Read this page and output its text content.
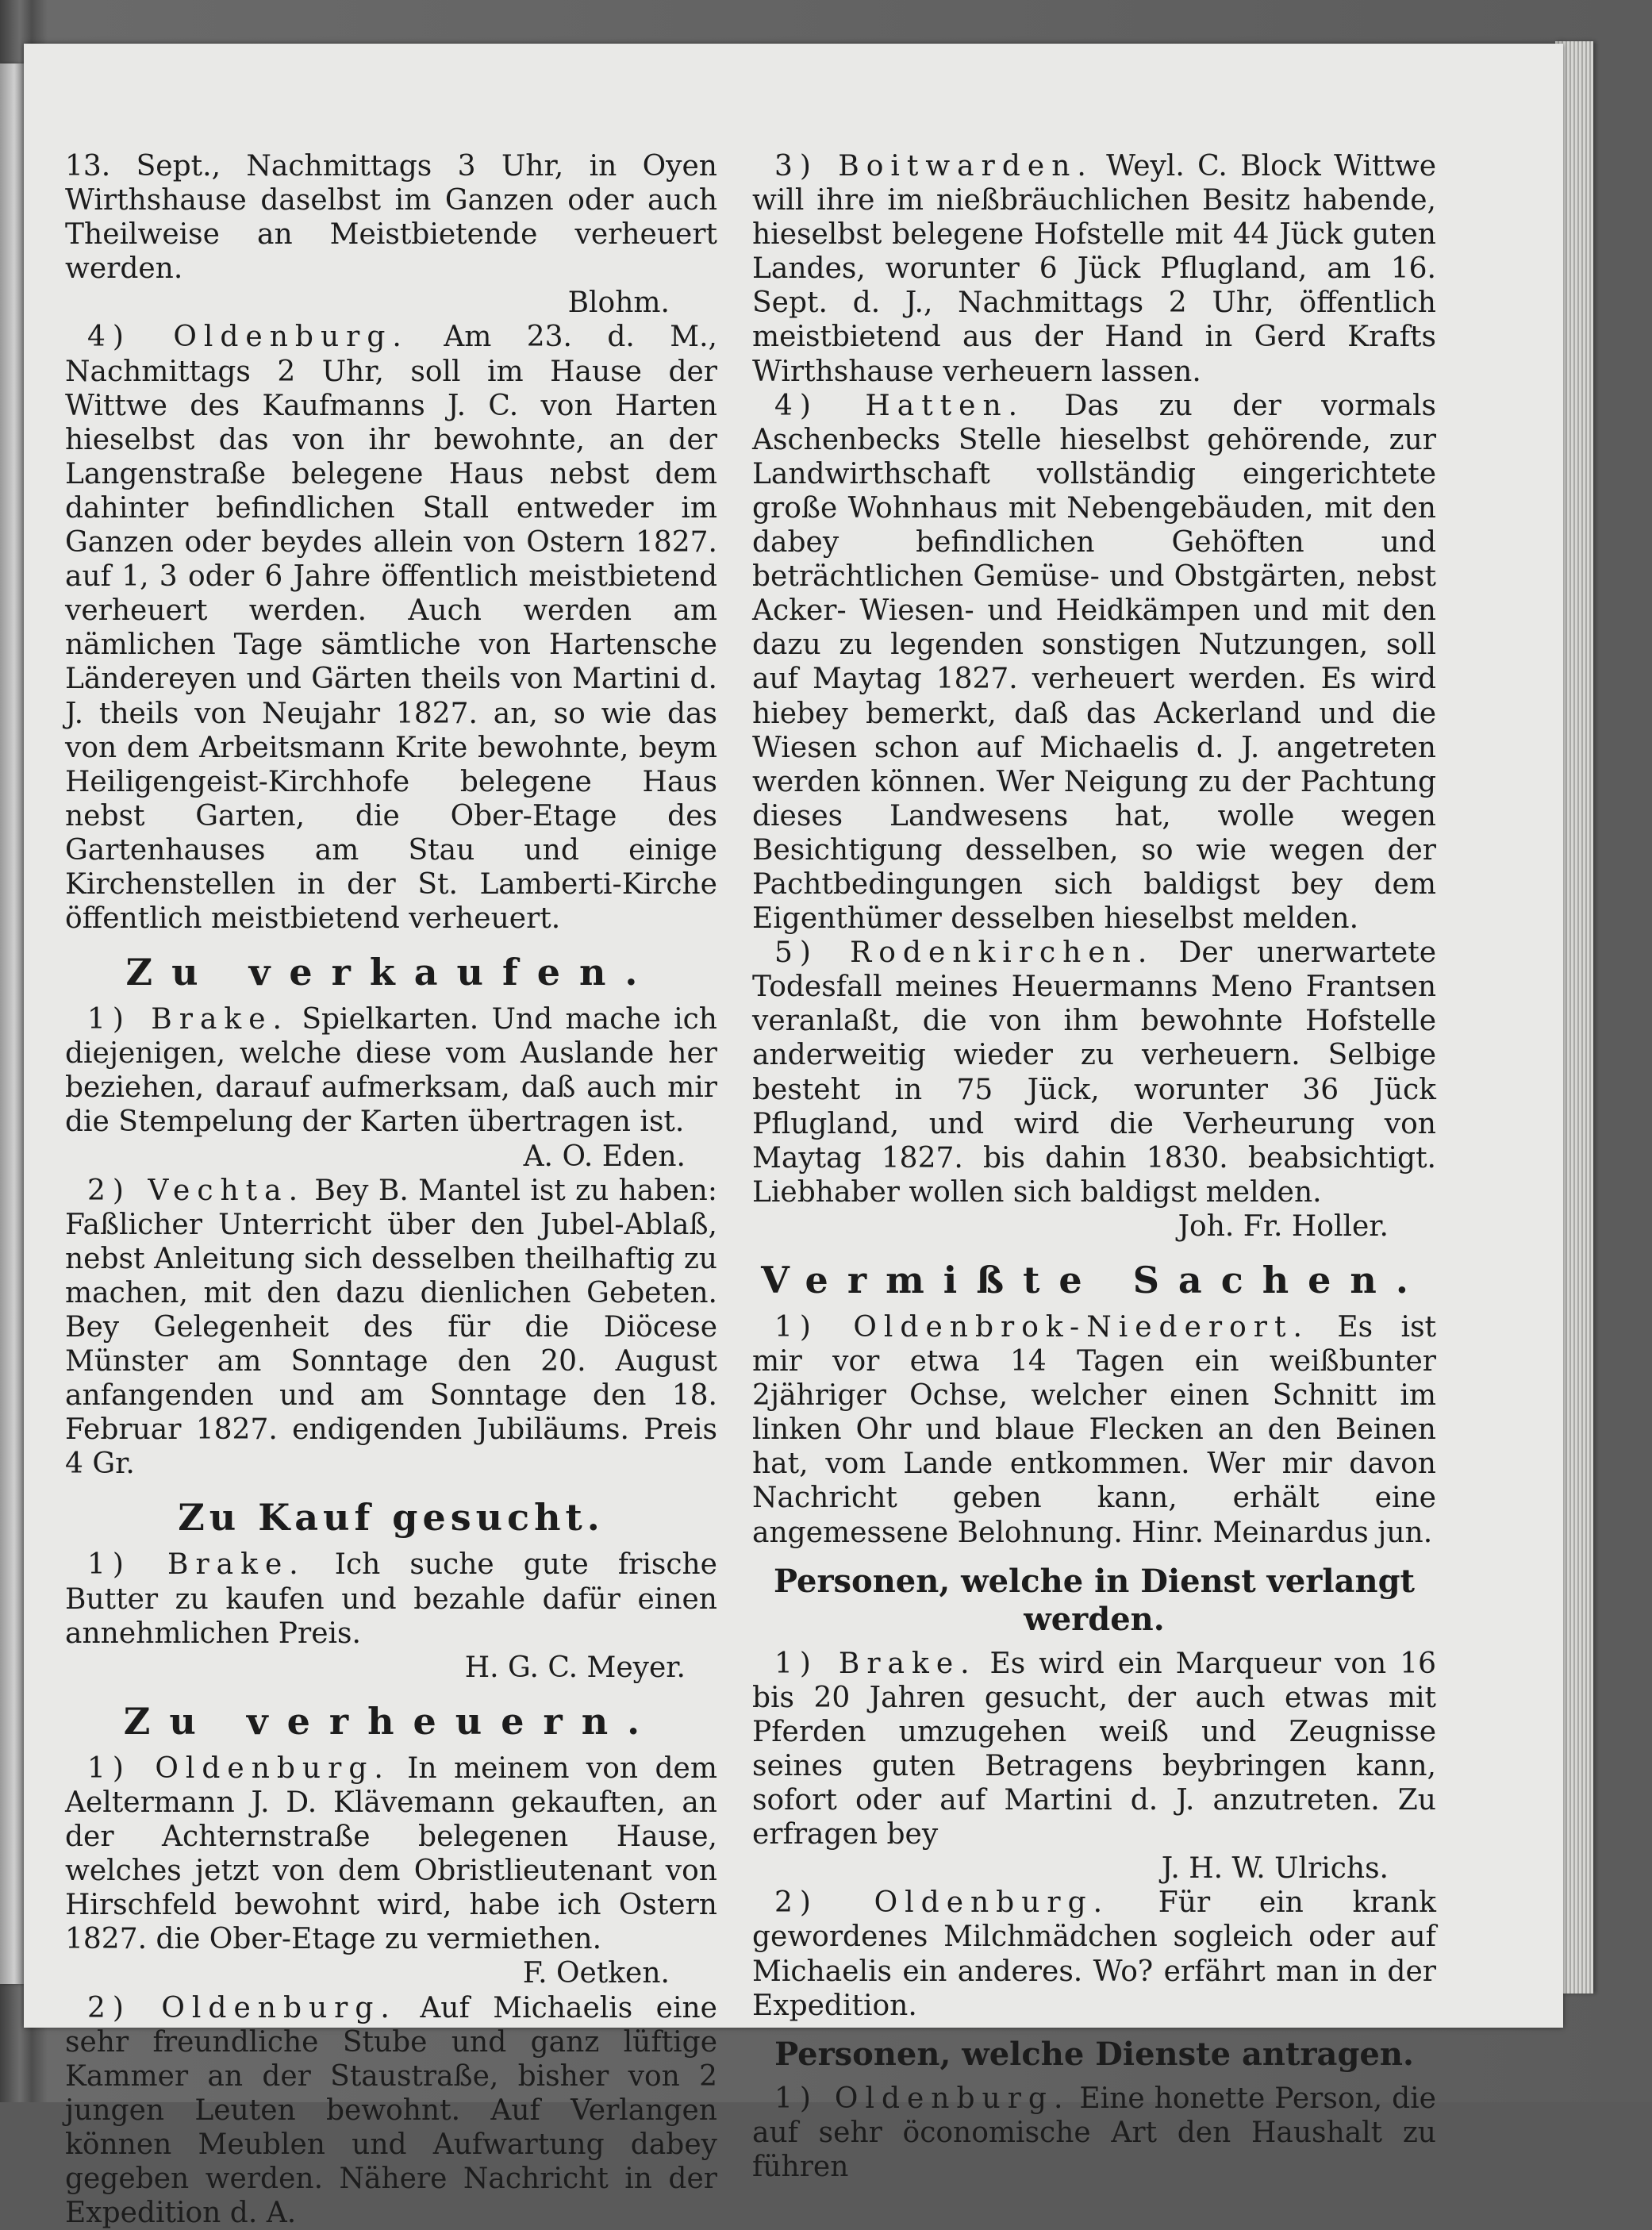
13. Sept., Nachmittags 3 Uhr, in Oyen Wirthshause daselbst im Ganzen oder auch Theilweise an Meistbietende verheuert werden.

Blohm.

4) Oldenburg. Am 23. d. M., Nachmittags 2 Uhr, soll im Hause der Wittwe des Kaufmanns J. C. von Harten hieselbst das von ihr bewohnte, an der Langenstraße belegene Haus nebst dem dahinter befindlichen Stall entweder im Ganzen oder beydes allein von Ostern 1827. auf 1, 3 oder 6 Jahre öffentlich meistbietend verheuert werden. Auch werden am nämlichen Tage sämtliche von Hartensche Ländereyen und Gärten theils von Martini d. J. theils von Neujahr 1827. an, so wie das von dem Arbeitsmann Krite bewohnte, beym Heiligengeist-Kirchhofe belegene Haus nebst Garten, die Ober-Etage des Gartenhauses am Stau und einige Kirchenstellen in der St. Lamberti-Kirche öffentlich meistbietend verheuert.

Zu verkaufen.

1) Brake. Spielkarten. Und mache ich diejenigen, welche diese vom Auslande her beziehen, darauf aufmerksam, daß auch mir die Stempelung der Karten übertragen ist.

A. O. Eden.

2) Vechta. Bey B. Mantel ist zu haben: Faßlicher Unterricht über den Jubel-Ablaß, nebst Anleitung sich desselben theilhaftig zu machen, mit den dazu dienlichen Gebeten. Bey Gelegenheit des für die Diöcese Münster am Sonntage den 20. August anfangenden und am Sonntage den 18. Februar 1827. endigenden Jubiläums. Preis 4 Gr.

Zu Kauf gesucht.

1) Brake. Ich suche gute frische Butter zu kaufen und bezahle dafür einen annehmlichen Preis.

H. G. C. Meyer.

Zu verheuern.

1) Oldenburg. In meinem von dem Aeltermann J. D. Klävemann gekauften, an der Achternstraße belegenen Hause, welches jetzt von dem Obristlieutenant von Hirschfeld bewohnt wird, habe ich Ostern 1827. die Ober-Etage zu vermiethen.

F. Oetken.

2) Oldenburg. Auf Michaelis eine sehr freundliche Stube und ganz lüftige Kammer an der Staustraße, bisher von 2 jungen Leuten bewohnt. Auf Verlangen können Meublen und Aufwartung dabey gegeben werden. Nähere Nachricht in der Expedition d. A.

3) Boitwarden. Weyl. C. Block Wittwe will ihre im nießbräuchlichen Besitz habende, hieselbst belegene Hofstelle mit 44 Jück guten Landes, worunter 6 Jück Pflugland, am 16. Sept. d. J., Nachmittags 2 Uhr, öffentlich meistbietend aus der Hand in Gerd Krafts Wirthshause verheuern lassen.

4) Hatten. Das zu der vormals Aschenbecks Stelle hieselbst gehörende, zur Landwirthschaft vollständig eingerichtete große Wohnhaus mit Nebengebäuden, mit den dabey befindlichen Gehöften und beträchtlichen Gemüse- und Obstgärten, nebst Acker- Wiesen- und Heidkämpen und mit den dazu zu legenden sonstigen Nutzungen, soll auf Maytag 1827. verheuert werden. Es wird hiebey bemerkt, daß das Ackerland und die Wiesen schon auf Michaelis d. J. angetreten werden können. Wer Neigung zu der Pachtung dieses Landwesens hat, wolle wegen Besichtigung desselben, so wie wegen der Pachtbedingungen sich baldigst bey dem Eigenthümer desselben hieselbst melden.

5) Rodenkirchen. Der unerwartete Todesfall meines Heuermanns Meno Frantsen veranlaßt, die von ihm bewohnte Hofstelle anderweitig wieder zu verheuern. Selbige besteht in 75 Jück, worunter 36 Jück Pflugland, und wird die Verheurung von Maytag 1827. bis dahin 1830. beabsichtigt. Liebhaber wollen sich baldigst melden.

Joh. Fr. Holler.

Vermißte Sachen.

1) Oldenbrok-Niederort. Es ist mir vor etwa 14 Tagen ein weißbunter 2jähriger Ochse, welcher einen Schnitt im linken Ohr und blaue Flecken an den Beinen hat, vom Lande entkommen. Wer mir davon Nachricht geben kann, erhält eine angemessene Belohnung. Hinr. Meinardus jun.

Personen, welche in Dienst verlangt werden.

1) Brake. Es wird ein Marqueur von 16 bis 20 Jahren gesucht, der auch etwas mit Pferden umzugehen weiß und Zeugnisse seines guten Betragens beybringen kann, sofort oder auf Martini d. J. anzutreten. Zu erfragen bey

J. H. W. Ulrichs.

2) Oldenburg. Für ein krank gewordenes Milchmädchen sogleich oder auf Michaelis ein anderes. Wo? erfährt man in der Expedition.

Personen, welche Dienste antragen.

1) Oldenburg. Eine honette Person, die auf sehr öconomische Art den Haushalt zu führen
